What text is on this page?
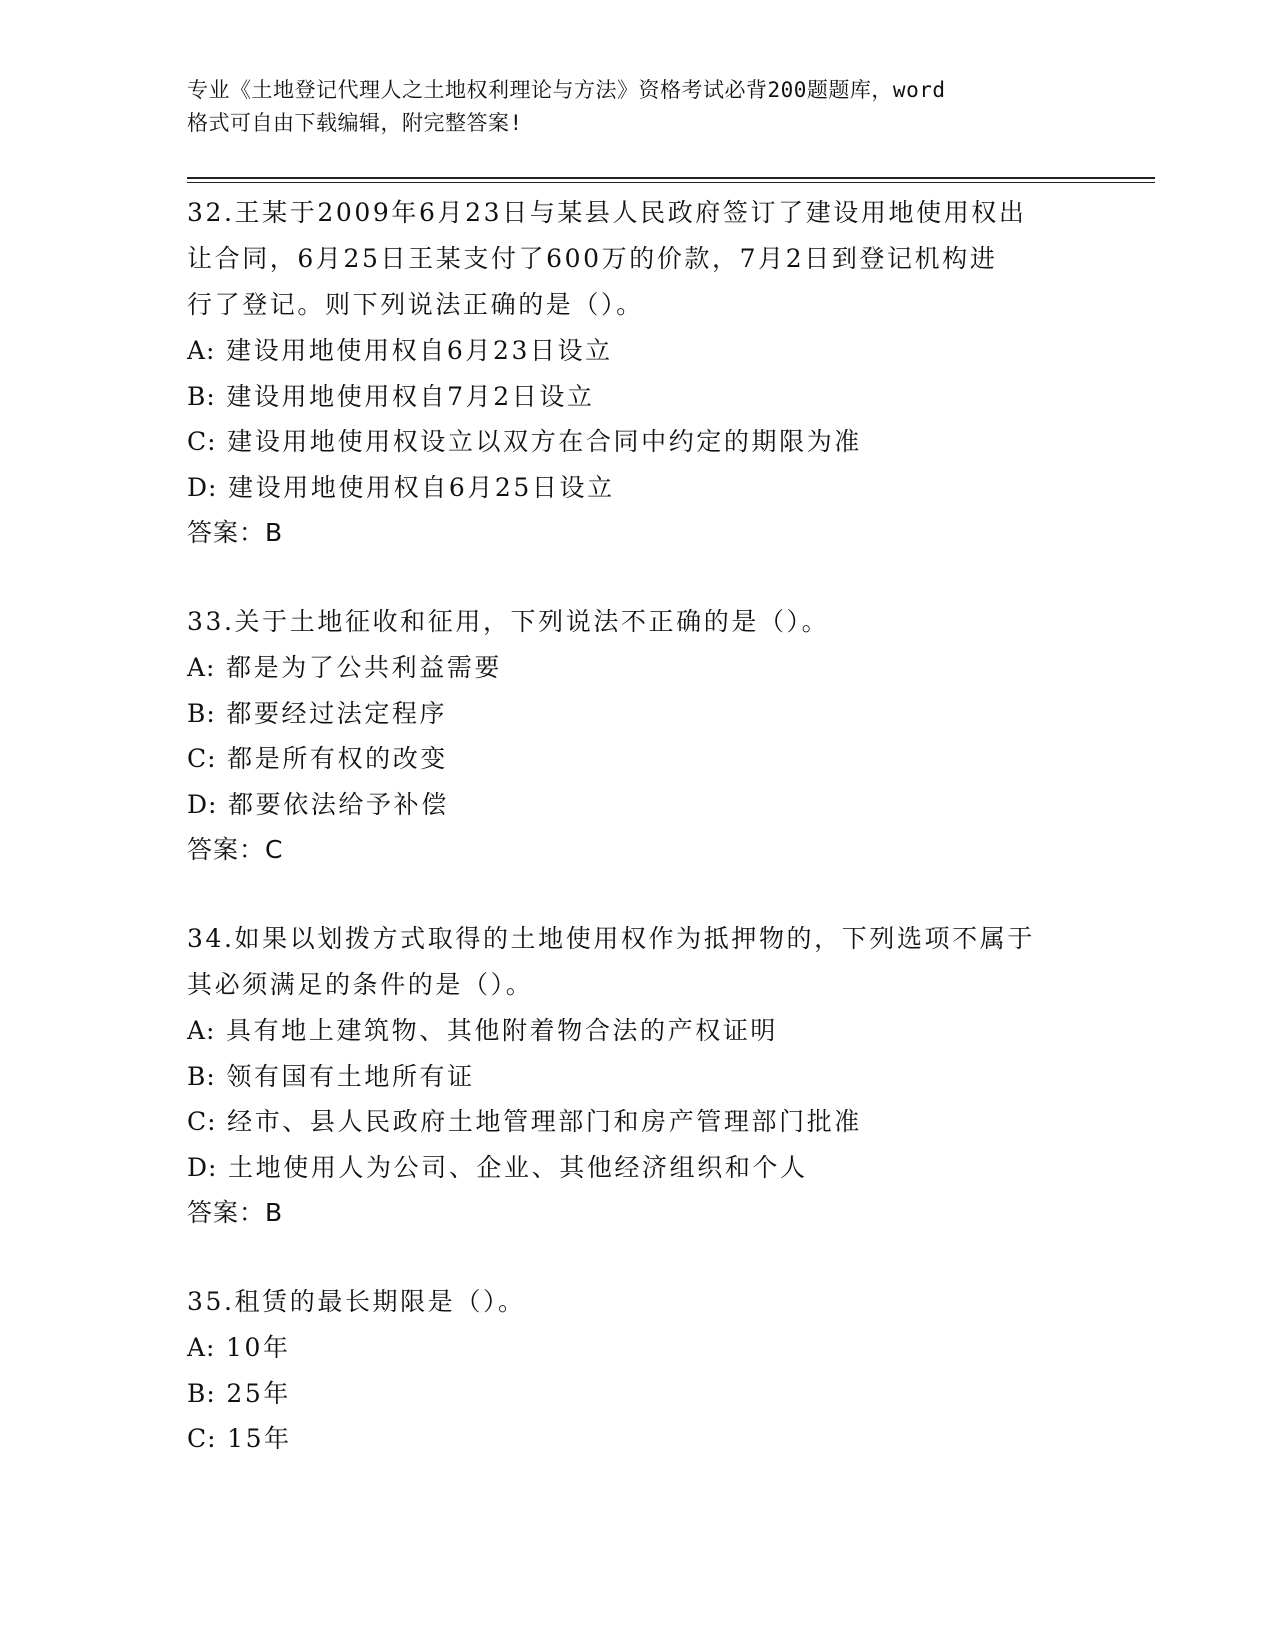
专业《土地登记代理人之土地权利理论与方法》资格考试必背200题题库，word
格式可自由下载编辑，附完整答案!
32.王某于2009年6月23日与某县人民政府签订了建设用地使用权出
让合同，6月25日王某支付了600万的价款，7月2日到登记机构进
行了登记。则下列说法正确的是（）。
A: 建设用地使用权自6月23日设立
B: 建设用地使用权自7月2日设立
C: 建设用地使用权设立以双方在合同中约定的期限为准
D: 建设用地使用权自6月25日设立
答案：B
33.关于土地征收和征用，下列说法不正确的是（）。
A: 都是为了公共利益需要
B: 都要经过法定程序
C: 都是所有权的改变
D: 都要依法给予补偿
答案：C
34.如果以划拨方式取得的土地使用权作为抵押物的，下列选项不属于
其必须满足的条件的是（）。
A: 具有地上建筑物、其他附着物合法的产权证明
B: 领有国有土地所有证
C: 经市、县人民政府土地管理部门和房产管理部门批准
D: 土地使用人为公司、企业、其他经济组织和个人
答案：B
35.租赁的最长期限是（）。
A: 10年
B: 25年
C: 15年
